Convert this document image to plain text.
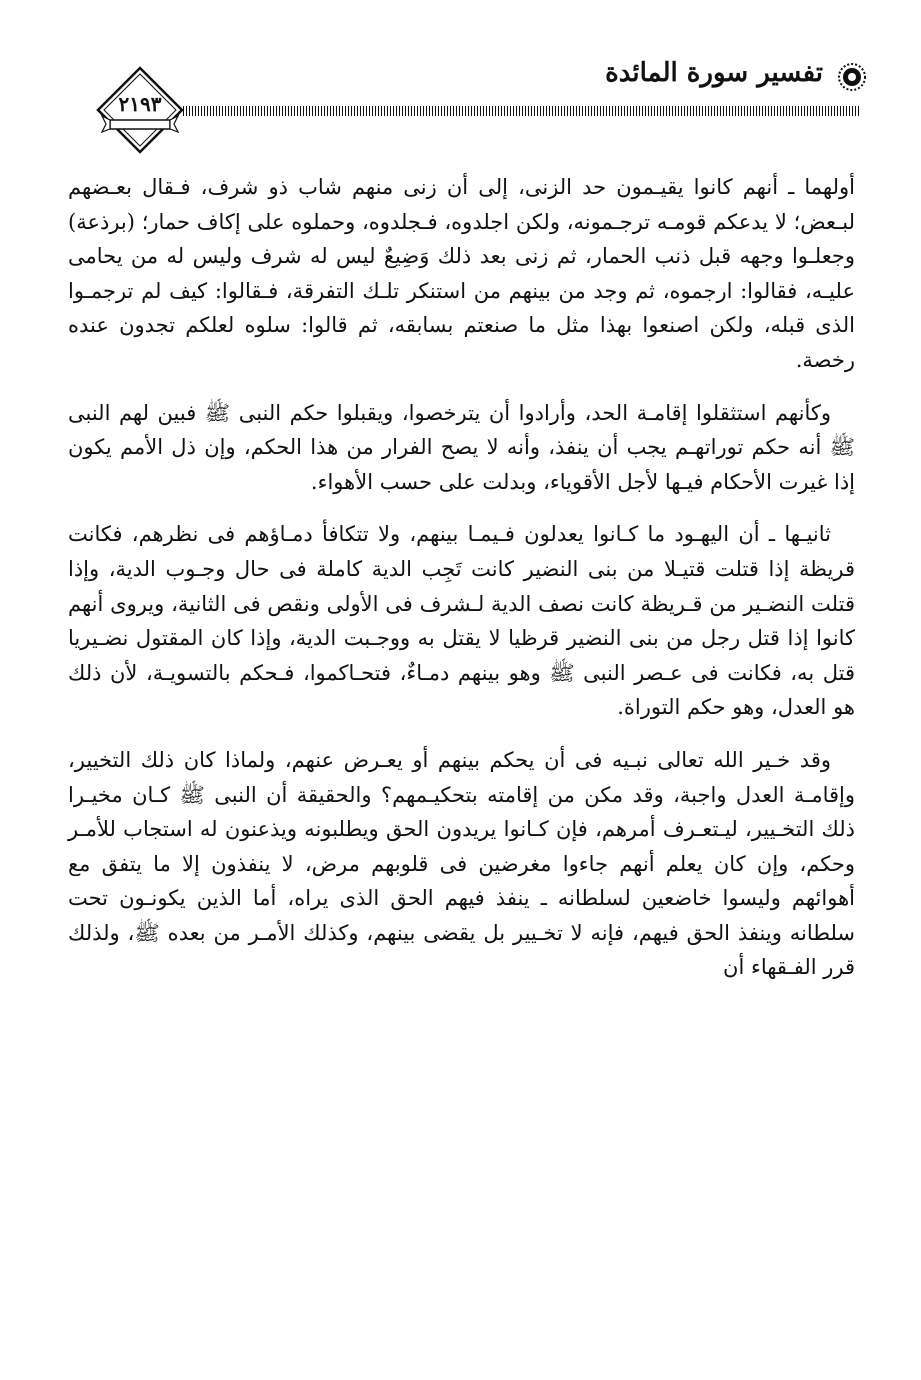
تفسير سورة المائدة
٢١٩٣

أولهما ـ أنهم كانوا يقيـمون حد الزنى، إلى أن زنى منهم شاب ذو شرف، فـقال بعـضهم لبـعض؛ لا يدعكم قومـه ترجـمونه، ولكن اجلدوه، فـجلدوه، وحملوه على إكاف حمار؛ (برذعة) وجعلـوا وجهه قبل ذنب الحمار، ثم زنى بعد ذلك وَضِيعٌ ليس له شرف وليس له من يحامى عليـه، فقالوا: ارجموه، ثم وجد من بينهم من استنكر تلـك التفرقة، فـقالوا: كيف لم ترجمـوا الذى قبله، ولكن اصنعوا بهذا مثل ما صنعتم بسابقه، ثم قالوا: سلوه لعلكم تجدون عنده رخصة.

وكأنهم استثقلوا إقامـة الحد، وأرادوا أن يترخصوا، ويقبلوا حكم النبى ﷺ فبين لهم النبى ﷺ أنه حكم توراتهـم يجب أن ينفذ، وأنه لا يصح الفرار من هذا الحكم، وإن ذل الأمم يكون إذا غيرت الأحكام فيـها لأجل الأقوياء، وبدلت على حسب الأهواء.

ثانيـها ـ أن اليهـود ما كـانوا يعدلون فـيمـا بينهم، ولا تتكافأ دمـاؤهم فى نظرهم، فكانت قريظة إذا قتلت قتيـلا من بنى النضير كانت تَجِب الدية كاملة فى حال وجـوب الدية، وإذا قتلت النضـير من قـريظة كانت نصف الدية لـشرف فى الأولى ونقص فى الثانية، ويروى أنهم كانوا إذا قتل رجل من بنى النضير قرظيا لا يقتل به ووجـبت الدية، وإذا كان المقتول نضـيريا قتل به، فكانت فى عـصر النبى ﷺ وهو بينهم دمـاءٌ، فتحـاكموا، فـحكم بالتسويـة، لأن ذلك هو العدل، وهو حكم التوراة.

وقد خـير الله تعالى نبـيه فى أن يحكم بينهم أو يعـرض عنهم، ولماذا كان ذلك التخيير، وإقامـة العدل واجبة، وقد مكن من إقامته بتحكيـمهم؟ والحقيقة أن النبى ﷺ كـان مخيـرا ذلك التخـيير، ليـتعـرف أمرهم، فإن كـانوا يريدون الحق ويطلبونه ويذعنون له استجاب للأمـر وحكم، وإن كان يعلم أنهم جاءوا مغرضين فى قلوبهم مرض، لا ينفذون إلا ما يتفق مع أهوائهم وليسوا خاضعين لسلطانه ـ ينفذ فيهم الحق الذى يراه، أما الذين يكونـون تحت سلطانه وينفذ الحق فيهم، فإنه لا تخـيير بل يقضى بينهم، وكذلك الأمـر من بعده ﷺ، ولذلك قرر الفـقهاء أن
